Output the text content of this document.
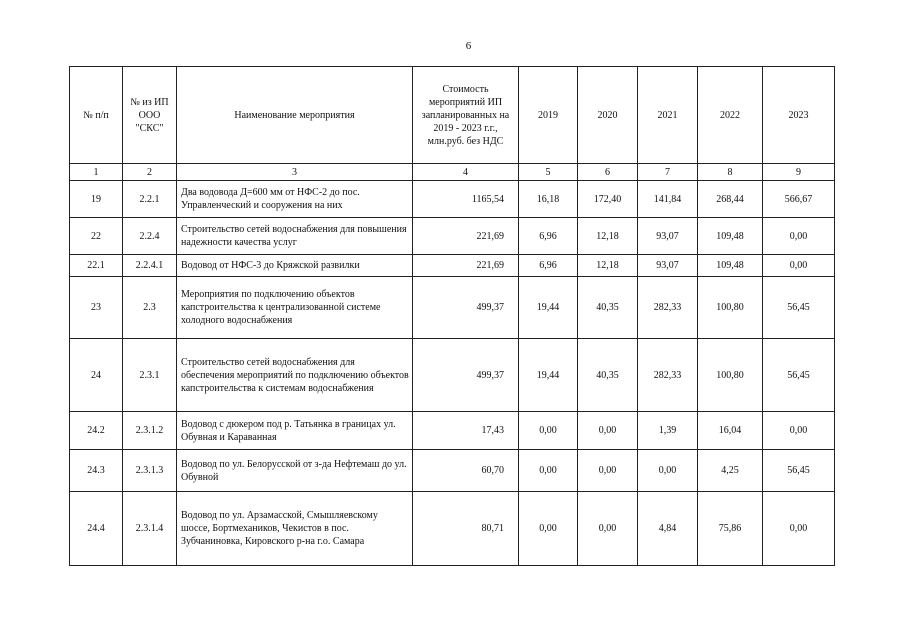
6
№ п/п	№ из ИП ООО "СКС"	Наименование мероприятия	Стоимость мероприятий ИП запланированных на 2019 - 2023 г.г., млн.руб. без НДС	2019	2020	2021	2022	2023
1	2	3	4	5	6	7	8	9
19	2.2.1	Два водовода Д=600 мм от НФС-2 до пос. Управленческий и сооружения на них	1165,54	16,18	172,40	141,84	268,44	566,67
22	2.2.4	Строительство сетей водоснабжения для повышения надежности качества услуг	221,69	6,96	12,18	93,07	109,48	0,00
22.1	2.2.4.1	Водовод от НФС-3 до Кряжской развилки	221,69	6,96	12,18	93,07	109,48	0,00
23	2.3	Мероприятия по подключению объектов капстроительства к централизованной системе холодного водоснабжения	499,37	19,44	40,35	282,33	100,80	56,45
24	2.3.1	Строительство сетей водоснабжения для обеспечения мероприятий по подключению объектов капстроительства к системам водоснабжения	499,37	19,44	40,35	282,33	100,80	56,45
24.2	2.3.1.2	Водовод с дюкером под р. Татьянка в границах ул. Обувная и Караванная	17,43	0,00	0,00	1,39	16,04	0,00
24.3	2.3.1.3	Водовод по ул. Белорусской от з-да Нефтемаш до ул. Обувной	60,70	0,00	0,00	0,00	4,25	56,45
24.4	2.3.1.4	Водовод по ул. Арзамасской, Смышляевскому шоссе, Бортмехаников, Чекистов в пос. Зубчаниновка, Кировского р-на г.о. Самара	80,71	0,00	0,00	4,84	75,86	0,00
